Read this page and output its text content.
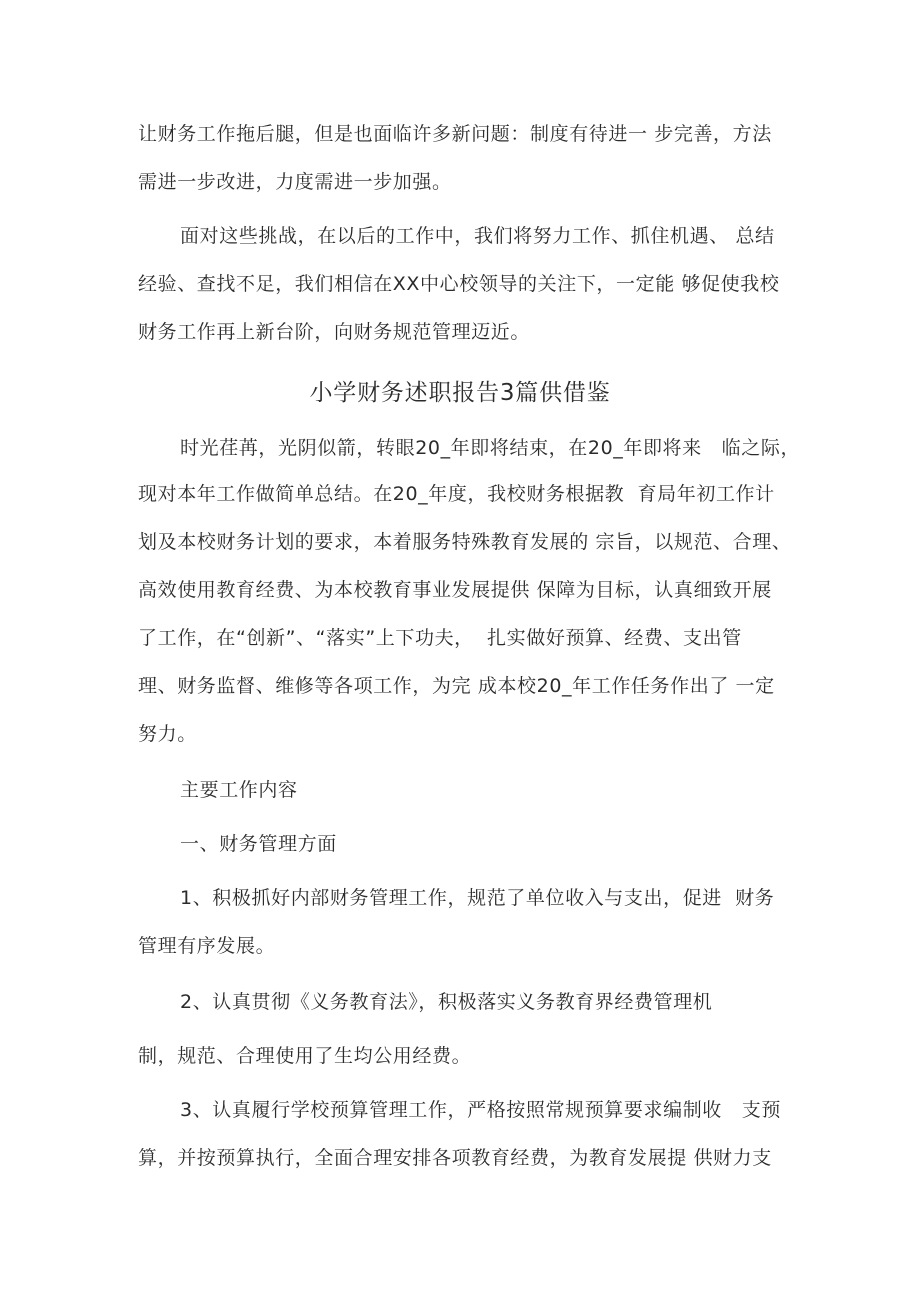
让财务工作拖后腿，但是也面临许多新问题：制度有待进一 步完善，方法
需进一步改进，力度需进一步加强。
面对这些挑战，在以后的工作中，我们将努力工作、抓住机遇、 总结
经验、查找不足，我们相信在XX中心校领导的关注下，一定能 够促使我校
财务工作再上新台阶，向财务规范管理迈近。
小学财务述职报告3篇供借鉴
时光荏苒，光阴似箭，转眼20_年即将结束，在20_年即将来   临之际，
现对本年工作做简单总结。在20_年度，我校财务根据教  育局年初工作计
划及本校财务计划的要求，本着服务特殊教育发展的 宗旨，以规范、合理、
高效使用教育经费、为本校教育事业发展提供 保障为目标，认真细致开展
了工作，在“创新”、“落实”上下功夫，  扎实做好预算、经费、支出管
理、财务监督、维修等各项工作，为完 成本校20_年工作任务作出了 一定
努力。
主要工作内容
一、财务管理方面
1、积极抓好内部财务管理工作，规范了单位收入与支出，促进  财务
管理有序发展。
2、认真贯彻《义务教育法》，积极落实义务教育界经费管理机
制，规范、合理使用了生均公用经费。
3、认真履行学校预算管理工作，严格按照常规预算要求编制收   支预
算，并按预算执行，全面合理安排各项教育经费，为教育发展提 供财力支
